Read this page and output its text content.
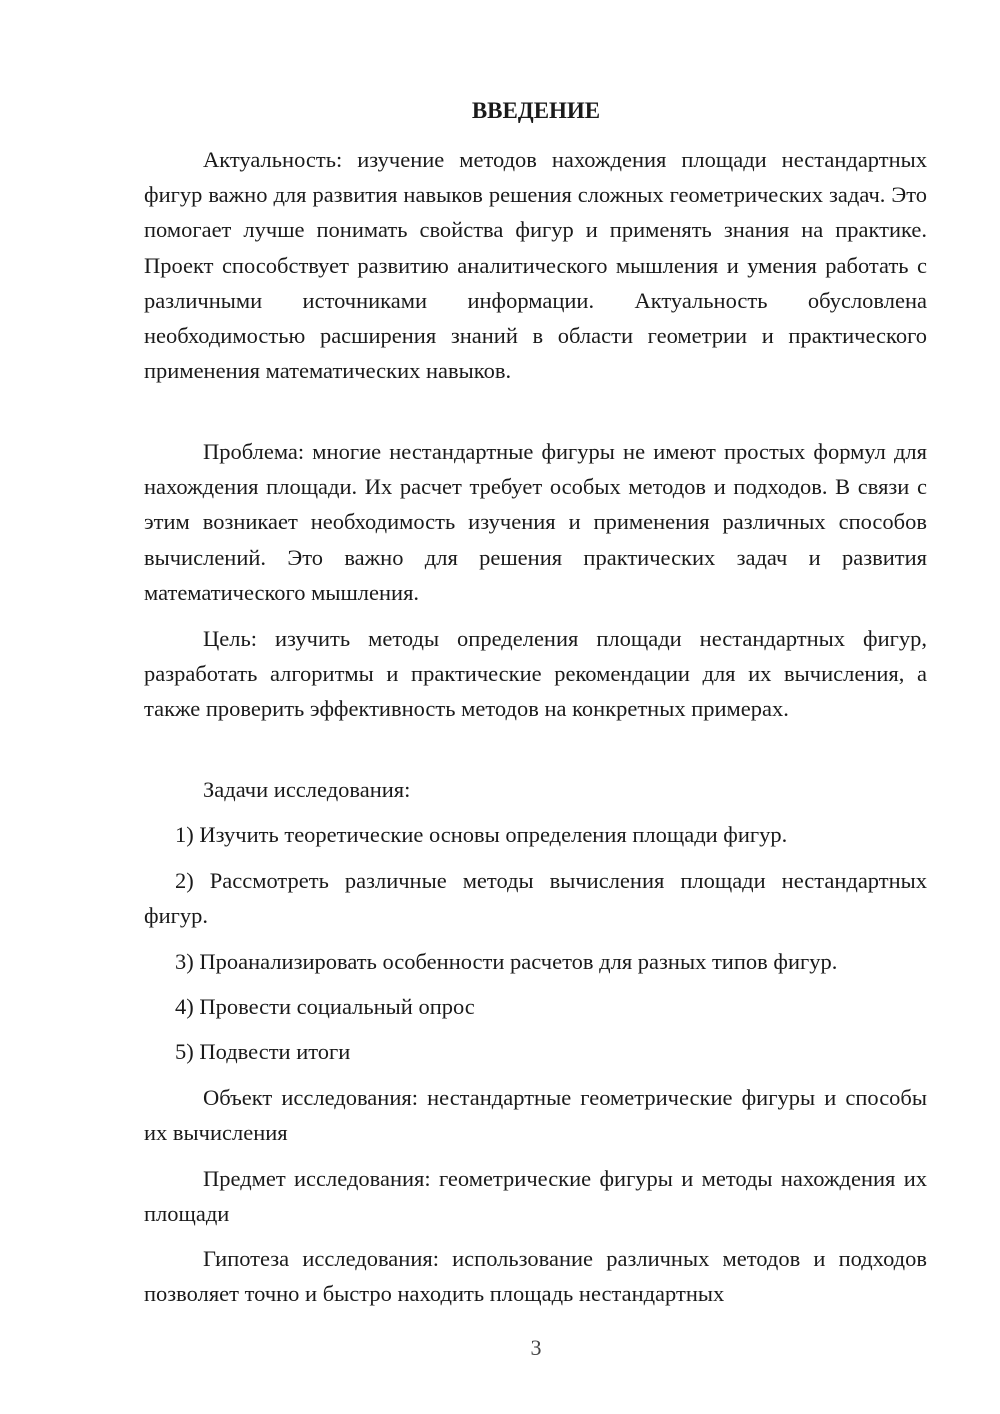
ВВЕДЕНИЕ

Актуальность: изучение методов нахождения площади нестандартных фигур важно для развития навыков решения сложных геометрических задач. Это помогает лучше понимать свойства фигур и применять знания на практике. Проект способствует развитию аналитического мышления и умения работать с различными источниками информации. Актуальность обусловлена необходимостью расширения знаний в области геометрии и практического применения математических навыков.

Проблема: многие нестандартные фигуры не имеют простых формул для нахождения площади. Их расчет требует особых методов и подходов. В связи с этим возникает необходимость изучения и применения различных способов вычислений. Это важно для решения практических задач и развития математического мышления.

Цель: изучить методы определения площади нестандартных фигур, разработать алгоритмы и практические рекомендации для их вычисления, а также проверить эффективность методов на конкретных примерах.

Задачи исследования:

1) Изучить теоретические основы определения площади фигур.

2) Рассмотреть различные методы вычисления площади нестандартных фигур.

3) Проанализировать особенности расчетов для разных типов фигур.

4) Провести социальный опрос

5) Подвести итоги

Объект исследования: нестандартные геометрические фигуры и способы их вычисления

Предмет исследования: геометрические фигуры и методы нахождения их площади

Гипотеза исследования: использование различных методов и подходов позволяет точно и быстро находить площадь нестандартных

3
